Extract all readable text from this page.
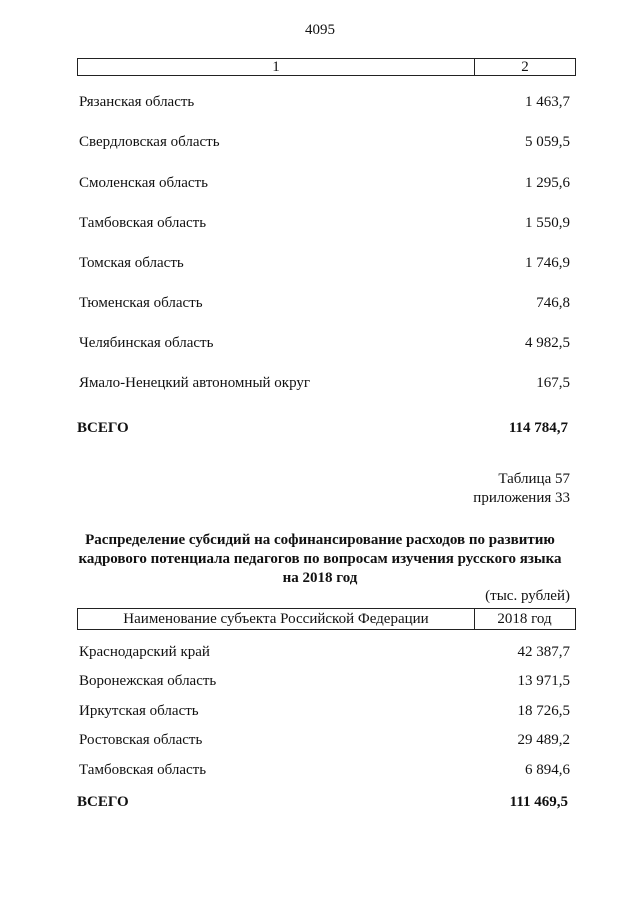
4095
1	2
Рязанская область	1 463,7
Свердловская область	5 059,5
Смоленская область	1 295,6
Тамбовская область	1 550,9
Томская область	1 746,9
Тюменская область	746,8
Челябинская область	4 982,5
Ямало-Ненецкий автономный округ	167,5
ВСЕГО	114 784,7
Таблица 57
приложения 33
Распределение субсидий на софинансирование расходов по развитию
кадрового потенциала педагогов по вопросам изучения русского языка
на 2018 год
(тыс. рублей)
Наименование субъекта Российской Федерации	2018 год
Краснодарский край	42 387,7
Воронежская область	13 971,5
Иркутская область	18 726,5
Ростовская область	29 489,2
Тамбовская область	6 894,6
ВСЕГО	111 469,5
